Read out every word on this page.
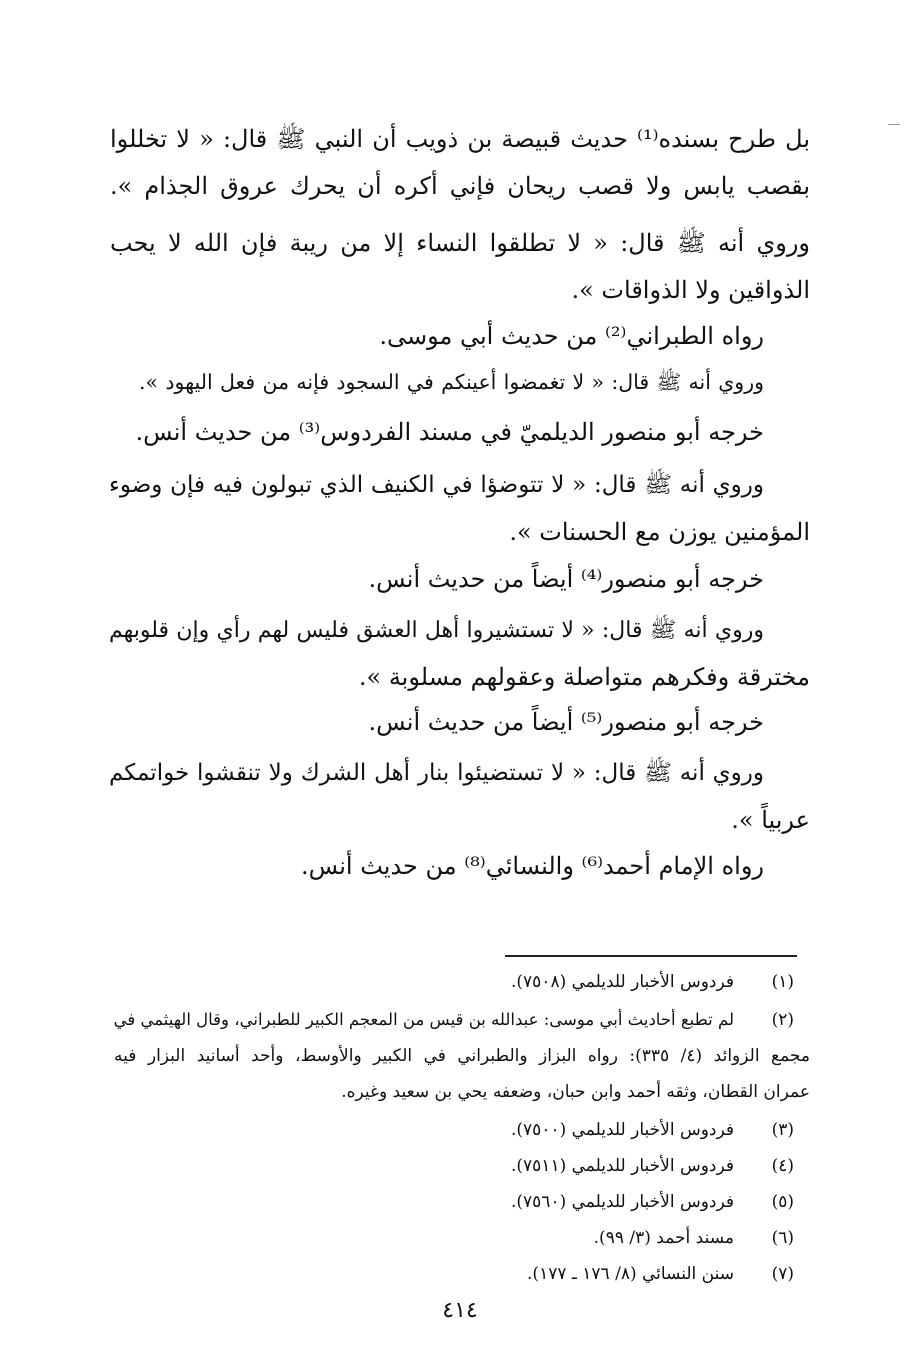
بل طرح بسنده⁽¹⁾ حديث قبيصة بن ذويب أن النبي ﷺ قال: « لا تخللوا
بقصب يابس ولا قصب ريحان فإني أكره أن يحرك عروق الجذام ».
وروي أنه ﷺ قال: « لا تطلقوا النساء إلا من ريبة فإن الله لا يحب
الذواقين ولا الذواقات ».
رواه الطبراني⁽²⁾ من حديث أبي موسى.
وروي أنه ﷺ قال: « لا تغمضوا أعينكم في السجود فإنه من فعل اليهود ».
خرجه أبو منصور الديلميّ في مسند الفردوس⁽³⁾ من حديث أنس.
وروي أنه ﷺ قال: « لا تتوضؤا في الكنيف الذي تبولون فيه فإن وضوء
المؤمنين يوزن مع الحسنات ».
خرجه أبو منصور⁽⁴⁾ أيضاً من حديث أنس.
وروي أنه ﷺ قال: « لا تستشيروا أهل العشق فليس لهم رأي وإن قلوبهم
مخترقة وفكرهم متواصلة وعقولهم مسلوبة ».
خرجه أبو منصور⁽⁵⁾ أيضاً من حديث أنس.
وروي أنه ﷺ قال: « لا تستضيئوا بنار أهل الشرك ولا تنقشوا خواتمكم
عربياً ».
رواه الإمام أحمد⁽⁶⁾ والنسائي⁽⁸⁾ من حديث أنس.
(١)
فردوس الأخبار للديلمي (٧٥٠٨).
(٢)
لم تطبع أحاديث أبي موسى: عبدالله بن قيس من المعجم الكبير للطبراني، وقال الهيثمي في
مجمع الزوائد (٤/ ٣٣٥): رواه البزاز والطبراني في الكبير والأوسط، وأحد أسانيد البزار فيه
عمران القطان، وثقه أحمد وابن حبان، وضعفه يحي بن سعيد وغيره.
(٣)
فردوس الأخبار للديلمي (٧٥٠٠).
(٤)
فردوس الأخبار للديلمي (٧٥١١).
(٥)
فردوس الأخبار للديلمي (٧٥٦٠).
(٦)
مسند أحمد (٣/ ٩٩).
(٧)
سنن النسائي (٨/ ١٧٦ ـ ١٧٧).
٤١٤
